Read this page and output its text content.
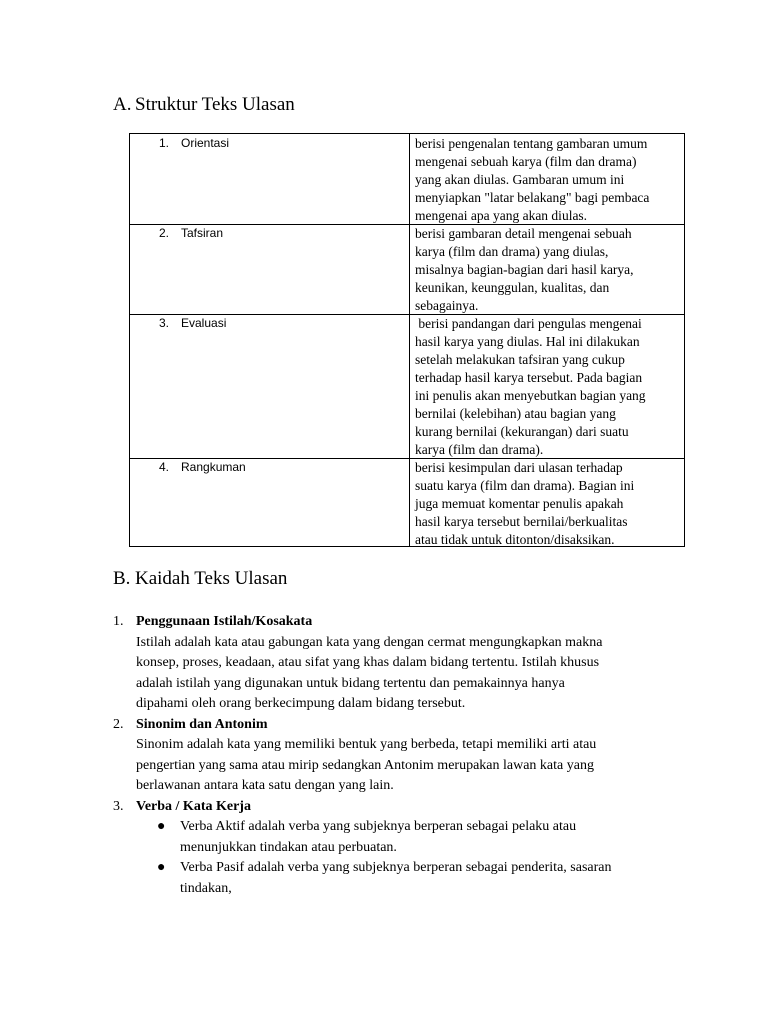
A. Struktur Teks Ulasan
1. Orientasi	berisi pengenalan tentang gambaran umum
mengenai sebuah karya (film dan drama)
yang akan diulas. Gambaran umum ini
menyiapkan "latar belakang" bagi pembaca
mengenai apa yang akan diulas.
2. Tafsiran	berisi gambaran detail mengenai sebuah
karya (film dan drama) yang diulas,
misalnya bagian-bagian dari hasil karya,
keunikan, keunggulan, kualitas, dan
sebagainya.
3. Evaluasi	berisi pandangan dari pengulas mengenai
hasil karya yang diulas. Hal ini dilakukan
setelah melakukan tafsiran yang cukup
terhadap hasil karya tersebut. Pada bagian
ini penulis akan menyebutkan bagian yang
bernilai (kelebihan) atau bagian yang
kurang bernilai (kekurangan) dari suatu
karya (film dan drama).
4. Rangkuman	berisi kesimpulan dari ulasan terhadap
suatu karya (film dan drama). Bagian ini
juga memuat komentar penulis apakah
hasil karya tersebut bernilai/berkualitas
atau tidak untuk ditonton/disaksikan.
B. Kaidah Teks Ulasan
1. Penggunaan Istilah/Kosakata
Istilah adalah kata atau gabungan kata yang dengan cermat mengungkapkan makna
konsep, proses, keadaan, atau sifat yang khas dalam bidang tertentu. Istilah khusus
adalah istilah yang digunakan untuk bidang tertentu dan pemakainnya hanya
dipahami oleh orang berkecimpung dalam bidang tersebut.
2. Sinonim dan Antonim
Sinonim adalah kata yang memiliki bentuk yang berbeda, tetapi memiliki arti atau
pengertian yang sama atau mirip sedangkan Antonim merupakan lawan kata yang
berlawanan antara kata satu dengan yang lain.
3. Verba / Kata Kerja
● Verba Aktif adalah verba yang subjeknya berperan sebagai pelaku atau
menunjukkan tindakan atau perbuatan.
● Verba Pasif adalah verba yang subjeknya berperan sebagai penderita, sasaran
tindakan,
